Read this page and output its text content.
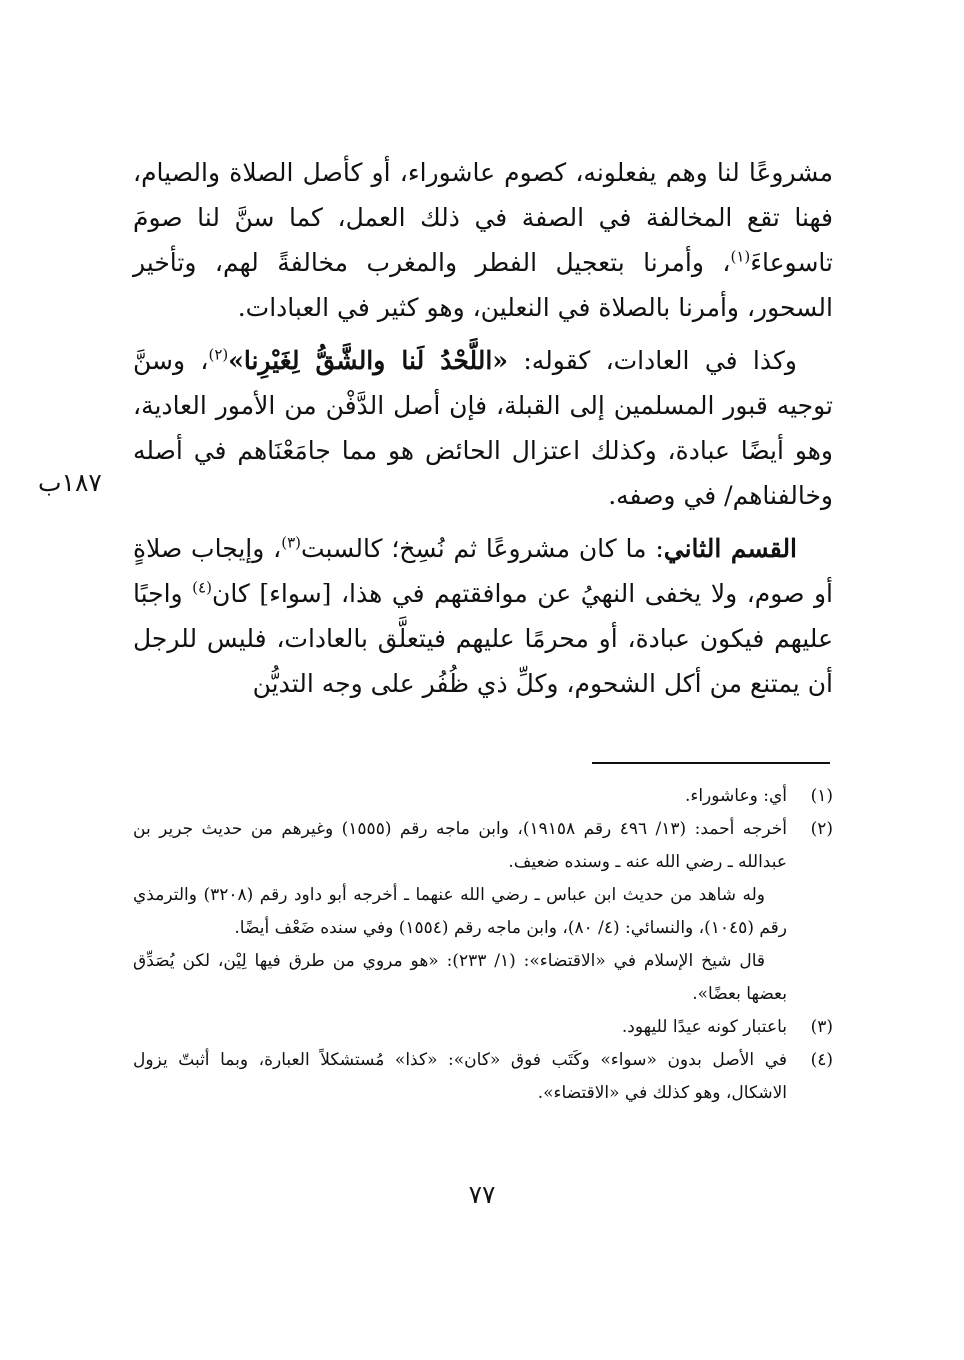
مشروعًا لنا وهم يفعلونه، كصوم عاشوراء، أو كأصل الصلاة والصيام، فهنا تقع المخالفة في الصفة في ذلك العمل، كما سنَّ لنا صومَ تاسوعاءَ$^{(١)}$، وأمرنا بتعجيل الفطر والمغرب مخالفةً لهم، وتأخير السحور، وأمرنا بالصلاة في النعلين، وهو كثير في العبادات.

وكذا في العادات، كقوله: «اللَّحْدُ لَنا والشَّقُّ لِغَيْرِنا»$^{(٢)}$، وسنَّ توجيه قبور المسلمين إلى القبلة، فإن أصل الدَّفْن من الأمور العادية، وهو أيضًا عبادة، وكذلك اعتزال الحائض هو مما جامَعْنَاهم في أصله وخالفناهم/ في وصفه.

القسم الثاني: ما كان مشروعًا ثم نُسِخ؛ كالسبت$^{(٣)}$، وإيجاب صلاةٍ أو صوم، ولا يخفى النهيُ عن موافقتهم في هذا، [سواء] كان$^{(٤)}$ واجبًا عليهم فيكون عبادة، أو محرمًا عليهم فيتعلَّق بالعادات، فليس للرجل أن يمتنع من أكل الشحوم، وكلِّ ذي ظُفُر على وجه التديُّن

١٨٧ب
(١)

أي: وعاشوراء.

(٢)

أخرجه أحمد: (١٣/ ٤٩٦ رقم ١٩١٥٨)، وابن ماجه رقم (١٥٥٥) وغيرهم من حديث جرير بن عبدالله ـ رضي الله عنه ـ وسنده ضعيف.

وله شاهد من حديث ابن عباس ـ رضي الله عنهما ـ أخرجه أبو داود رقم (٣٢٠٨) والترمذي رقم (١٠٤٥)، والنسائي: (٤/ ٨٠)، وابن ماجه رقم (١٥٥٤) وفي سنده ضَعْف أيضًا.

قال شيخ الإسلام في «الاقتضاء»: (١/ ٢٣٣): «هو مروي من طرق فيها لِيْن، لكن يُصَدِّق بعضها بعضًا».

(٣)

باعتبار كونه عيدًا لليهود.

(٤)

في الأصل بدون «سواء» وكَتَب فوق «كان»: «كذا» مُستشكلاً العبارة، وبما أثبتّ يزول الاشكال، وهو كذلك في «الاقتضاء».

٧٧
